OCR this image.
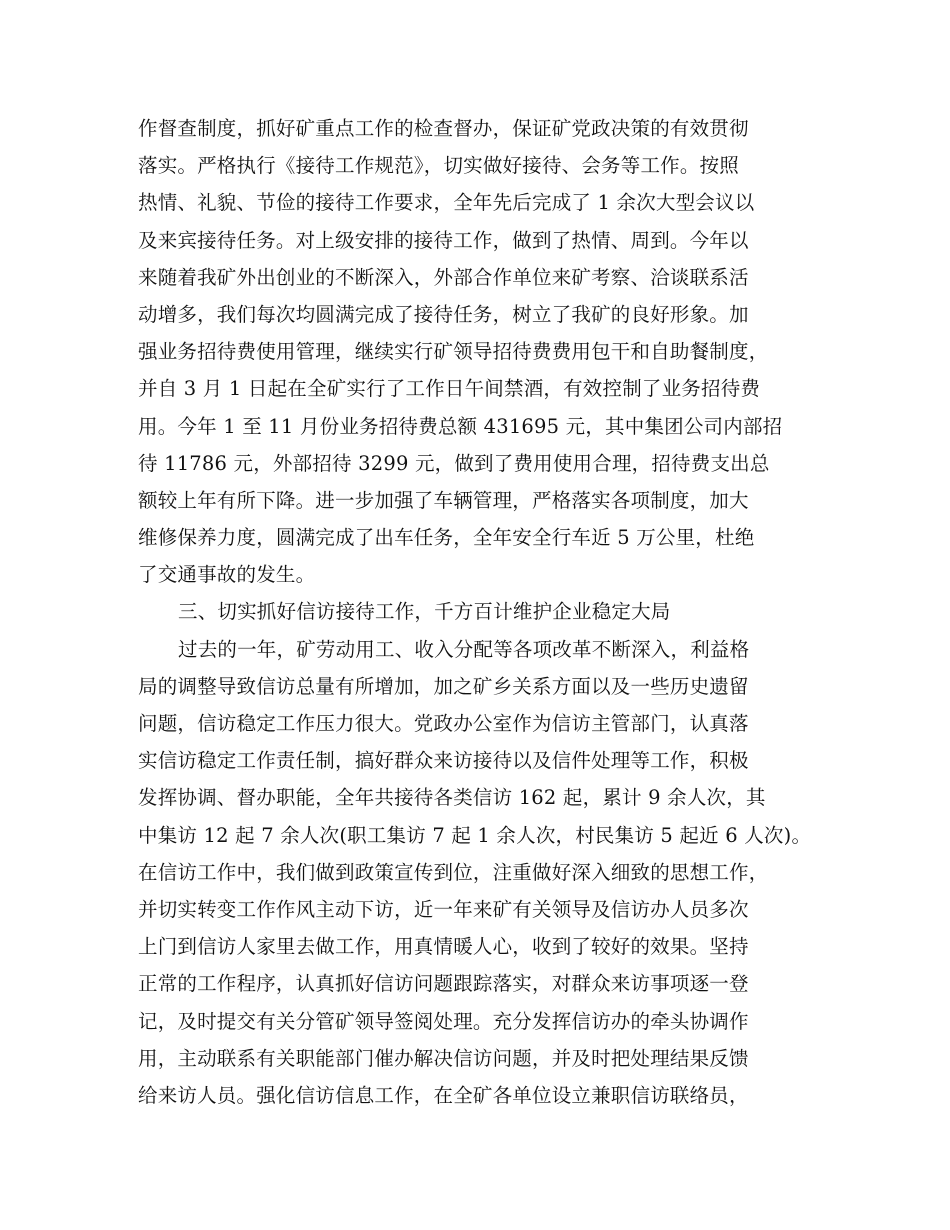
作督查制度，抓好矿重点工作的检查督办，保证矿党政决策的有效贯彻
落实。严格执行《接待工作规范》，切实做好接待、会务等工作。按照
热情、礼貌、节俭的接待工作要求，全年先后完成了 1 余次大型会议以
及来宾接待任务。对上级安排的接待工作，做到了热情、周到。今年以
来随着我矿外出创业的不断深入，外部合作单位来矿考察、洽谈联系活
动增多，我们每次均圆满完成了接待任务，树立了我矿的良好形象。加
强业务招待费使用管理，继续实行矿领导招待费费用包干和自助餐制度，
并自 3 月 1 日起在全矿实行了工作日午间禁酒，有效控制了业务招待费
用。今年 1 至 11 月份业务招待费总额 431695 元，其中集团公司内部招
待 11786 元，外部招待 3299 元，做到了费用使用合理，招待费支出总
额较上年有所下降。进一步加强了车辆管理，严格落实各项制度，加大
维修保养力度，圆满完成了出车任务，全年安全行车近 5 万公里，杜绝
了交通事故的发生。
三、切实抓好信访接待工作，千方百计维护企业稳定大局
过去的一年，矿劳动用工、收入分配等各项改革不断深入，利益格
局的调整导致信访总量有所增加，加之矿乡关系方面以及一些历史遗留
问题，信访稳定工作压力很大。党政办公室作为信访主管部门，认真落
实信访稳定工作责任制，搞好群众来访接待以及信件处理等工作，积极
发挥协调、督办职能，全年共接待各类信访 162 起，累计 9 余人次，其
中集访 12 起 7 余人次(职工集访 7 起 1 余人次，村民集访 5 起近 6 人次)。
在信访工作中，我们做到政策宣传到位，注重做好深入细致的思想工作，
并切实转变工作作风主动下访，近一年来矿有关领导及信访办人员多次
上门到信访人家里去做工作，用真情暖人心，收到了较好的效果。坚持
正常的工作程序，认真抓好信访问题跟踪落实，对群众来访事项逐一登
记，及时提交有关分管矿领导签阅处理。充分发挥信访办的牵头协调作
用，主动联系有关职能部门催办解决信访问题，并及时把处理结果反馈
给来访人员。强化信访信息工作，在全矿各单位设立兼职信访联络员，
